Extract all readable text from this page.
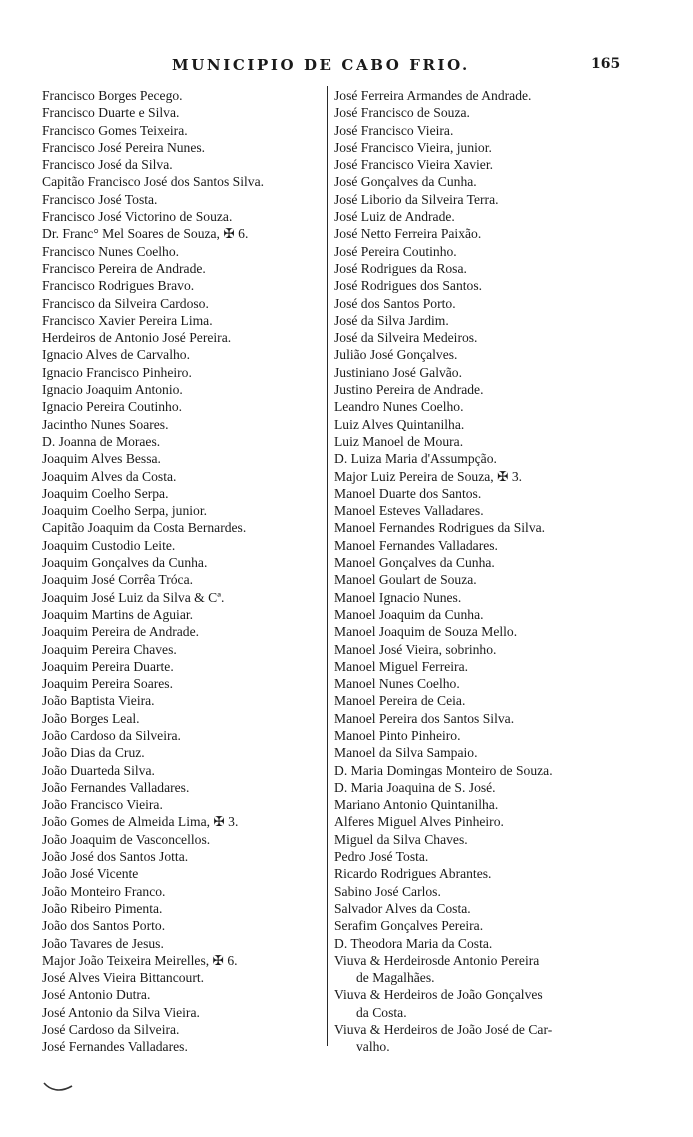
MUNICIPIO DE CABO FRIO.	165
Francisco Borges Pecego.
Francisco Duarte e Silva.
Francisco Gomes Teixeira.
Francisco José Pereira Nunes.
Francisco José da Silva.
Capitão Francisco José dos Santos Silva.
Francisco José Tosta.
Francisco José Victorino de Souza.
Dr. Franc° Mel Soares de Souza, ✠ 6.
Francisco Nunes Coelho.
Francisco Pereira de Andrade.
Francisco Rodrigues Bravo.
Francisco da Silveira Cardoso.
Francisco Xavier Pereira Lima.
Herdeiros de Antonio José Pereira.
Ignacio Alves de Carvalho.
Ignacio Francisco Pinheiro.
Ignacio Joaquim Antonio.
Ignacio Pereira Coutinho.
Jacintho Nunes Soares.
D. Joanna de Moraes.
Joaquim Alves Bessa.
Joaquim Alves da Costa.
Joaquim Coelho Serpa.
Joaquim Coelho Serpa, junior.
Capitão Joaquim da Costa Bernardes.
Joaquim Custodio Leite.
Joaquim Gonçalves da Cunha.
Joaquim José Corrêa Tróca.
Joaquim José Luiz da Silva & Cª.
Joaquim Martins de Aguiar.
Joaquim Pereira de Andrade.
Joaquim Pereira Chaves.
Joaquim Pereira Duarte.
Joaquim Pereira Soares.
João Baptista Vieira.
João Borges Leal.
João Cardoso da Silveira.
João Dias da Cruz.
João Duarteda Silva.
João Fernandes Valladares.
João Francisco Vieira.
João Gomes de Almeida Lima, ✠ 3.
João Joaquim de Vasconcellos.
João José dos Santos Jotta.
João José Vicente
João Monteiro Franco.
João Ribeiro Pimenta.
João dos Santos Porto.
João Tavares de Jesus.
Major João Teixeira Meirelles, ✠ 6.
José Alves Vieira Bittancourt.
José Antonio Dutra.
José Antonio da Silva Vieira.
José Cardoso da Silveira.
José Fernandes Valladares.
José Ferreira Armandes de Andrade.
José Francisco de Souza.
José Francisco Vieira.
José Francisco Vieira, junior.
José Francisco Vieira Xavier.
José Gonçalves da Cunha.
José Liborio da Silveira Terra.
José Luiz de Andrade.
José Netto Ferreira Paixão.
José Pereira Coutinho.
José Rodrigues da Rosa.
José Rodrigues dos Santos.
José dos Santos Porto.
José da Silva Jardim.
José da Silveira Medeiros.
Julião José Gonçalves.
Justiniano José Galvão.
Justino Pereira de Andrade.
Leandro Nunes Coelho.
Luiz Alves Quintanilha.
Luiz Manoel de Moura.
D. Luiza Maria d'Assumpção.
Major Luiz Pereira de Souza, ✠ 3.
Manoel Duarte dos Santos.
Manoel Esteves Valladares.
Manoel Fernandes Rodrigues da Silva.
Manoel Fernandes Valladares.
Manoel Gonçalves da Cunha.
Manoel Goulart de Souza.
Manoel Ignacio Nunes.
Manoel Joaquim da Cunha.
Manoel Joaquim de Souza Mello.
Manoel José Vieira, sobrinho.
Manoel Miguel Ferreira.
Manoel Nunes Coelho.
Manoel Pereira de Ceia.
Manoel Pereira dos Santos Silva.
Manoel Pinto Pinheiro.
Manoel da Silva Sampaio.
D. Maria Domingas Monteiro de Souza.
D. Maria Joaquina de S. José.
Mariano Antonio Quintanilha.
Alferes Miguel Alves Pinheiro.
Miguel da Silva Chaves.
Pedro José Tosta.
Ricardo Rodrigues Abrantes.
Sabino José Carlos.
Salvador Alves da Costa.
Serafim Gonçalves Pereira.
D. Theodora Maria da Costa.
Viuva & Herdeirosde Antonio Pereira
de Magalhães.
Viuva & Herdeiros de João Gonçalves
da Costa.
Viuva & Herdeiros de João José de Car-
valho.
